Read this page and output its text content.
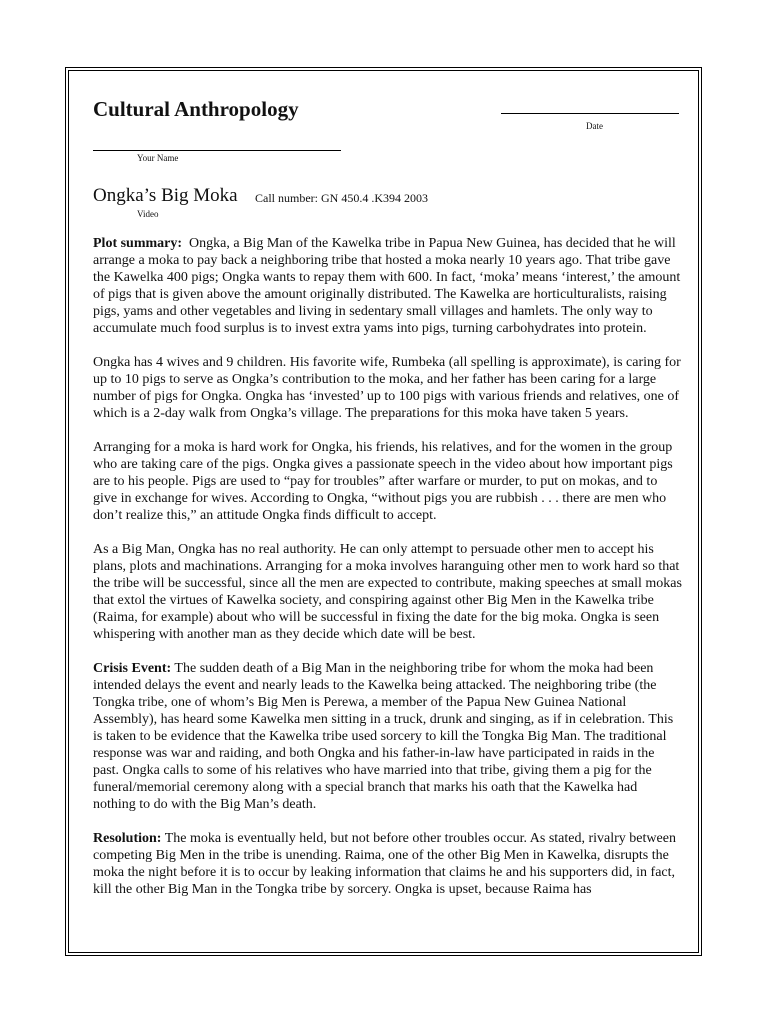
Cultural Anthropology
Date
Your Name
Ongka’s Big Moka Call number: GN 450.4 .K394 2003
Video

Plot summary: Ongka, a Big Man of the Kawelka tribe in Papua New Guinea, has decided that he will arrange a moka to pay back a neighboring tribe that hosted a moka nearly 10 years ago. That tribe gave the Kawelka 400 pigs; Ongka wants to repay them with 600. In fact, ‘moka’ means ‘interest,’ the amount of pigs that is given above the amount originally distributed. The Kawelka are horticulturalists, raising pigs, yams and other vegetables and living in sedentary small villages and hamlets. The only way to accumulate much food surplus is to invest extra yams into pigs, turning carbohydrates into protein.

Ongka has 4 wives and 9 children. His favorite wife, Rumbeka (all spelling is approximate), is caring for up to 10 pigs to serve as Ongka’s contribution to the moka, and her father has been caring for a large number of pigs for Ongka. Ongka has ‘invested’ up to 100 pigs with various friends and relatives, one of which is a 2-day walk from Ongka’s village. The preparations for this moka have taken 5 years.

Arranging for a moka is hard work for Ongka, his friends, his relatives, and for the women in the group who are taking care of the pigs. Ongka gives a passionate speech in the video about how important pigs are to his people. Pigs are used to “pay for troubles” after warfare or murder, to put on mokas, and to give in exchange for wives. According to Ongka, “without pigs you are rubbish . . . there are men who don’t realize this,” an attitude Ongka finds difficult to accept.

As a Big Man, Ongka has no real authority. He can only attempt to persuade other men to accept his plans, plots and machinations. Arranging for a moka involves haranguing other men to work hard so that the tribe will be successful, since all the men are expected to contribute, making speeches at small mokas that extol the virtues of Kawelka society, and conspiring against other Big Men in the Kawelka tribe (Raima, for example) about who will be successful in fixing the date for the big moka. Ongka is seen whispering with another man as they decide which date will be best.

Crisis Event: The sudden death of a Big Man in the neighboring tribe for whom the moka had been intended delays the event and nearly leads to the Kawelka being attacked. The neighboring tribe (the Tongka tribe, one of whom’s Big Men is Perewa, a member of the Papua New Guinea National Assembly), has heard some Kawelka men sitting in a truck, drunk and singing, as if in celebration. This is taken to be evidence that the Kawelka tribe used sorcery to kill the Tongka Big Man. The traditional response was war and raiding, and both Ongka and his father-in-law have participated in raids in the past. Ongka calls to some of his relatives who have married into that tribe, giving them a pig for the funeral/memorial ceremony along with a special branch that marks his oath that the Kawelka had nothing to do with the Big Man’s death.

Resolution: The moka is eventually held, but not before other troubles occur. As stated, rivalry between competing Big Men in the tribe is unending. Raima, one of the other Big Men in Kawelka, disrupts the moka the night before it is to occur by leaking information that claims he and his supporters did, in fact, kill the other Big Man in the Tongka tribe by sorcery. Ongka is upset, because Raima has
